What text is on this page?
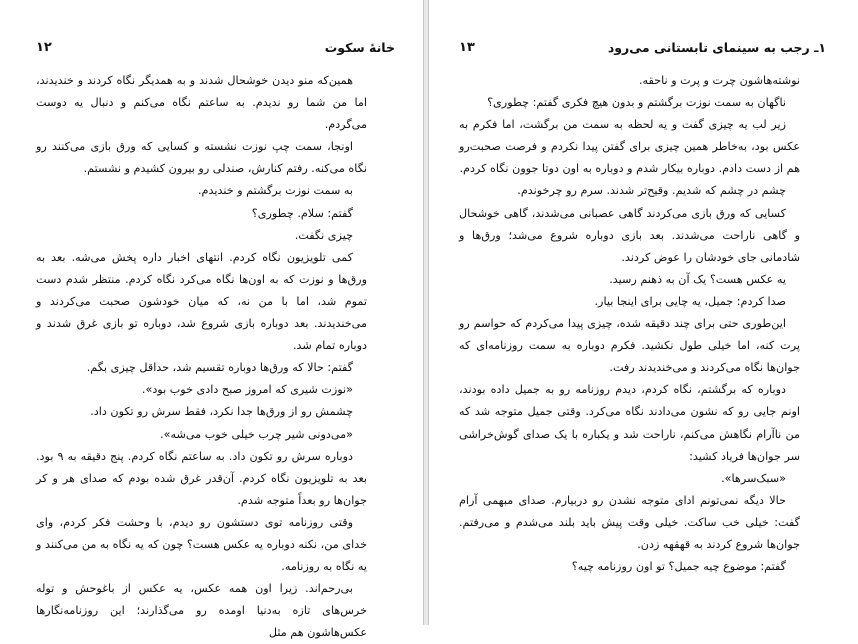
خانهٔ سکوت
۱۲

همین‌که منو دیدن خوشحال شدند و به همدیگر نگاه کردند و خندیدند، اما من شما رو ندیدم. به ساعتم نگاه می‌کنم و دنبال یه دوست می‌گردم.

اونجا، سمت چپ نوزت نشسته و کسایی که ورق بازی می‌کنند رو نگاه می‌کنه. رفتم کنارش، صندلی رو بیرون کشیدم و نشستم.

به سمت نوزت برگشتم و خندیدم.

گفتم: سلام. چطوری؟

چیزی نگفت.

کمی تلویزیون نگاه کردم. انتهای اخبار داره پخش می‌شه. بعد به ورق‌ها و نوزت که به اون‌ها نگاه می‌کرد نگاه کردم. منتظر شدم دست تموم شد، اما با من نه، که میان خودشون صحبت می‌کردند و می‌خندیدند. بعد دوباره بازی شروع شد، دوباره تو بازی غرق شدند و دوباره تمام شد.

گفتم: حالا که ورق‌ها دوباره تقسیم شد، حداقل چیزی بگم.

«نوزت شیری که امروز صبح دادی خوب بود».

چشمش رو از ورق‌ها جدا نکرد، فقط سرش رو تکون داد.

«می‌دونی شیر چرب خیلی خوب می‌شه».

دوباره سرش رو تکون داد. به ساعتم نگاه کردم. پنج دقیقه به ۹ بود. بعد به تلویزیون نگاه کردم. آن‌قدر غرق شده بودم که صدای هر و کر جوان‌ها رو بعداً متوجه شدم.

وقتی روزنامه توی دستشون رو دیدم، با وحشت فکر کردم، وای خدای من، نکنه دوباره یه عکس هست؟ چون که یه نگاه به من می‌کنند و یه نگاه به روزنامه.

بی‌رحم‌اند. زیرا اون همه عکس، یه عکس از باغوحش و توله خرس‌های تازه به‌دنیا اومده رو می‌گذارند؛ این روزنامه‌نگارها عکس‌هاشون هم مثل

۱ـ رجب به سینمای تابستانی می‌رود
۱۳

نوشته‌هاشون چرت و پرت و ناحقه.

ناگهان به سمت نوزت برگشتم و بدون هیچ فکری گفتم: چطوری؟

زیر لب یه چیزی گفت و یه لحظه به سمت من برگشت، اما فکرم به عکس بود، به‌خاطر همین چیزی برای گفتن پیدا نکردم و فرصت صحبت‌رو هم از دست دادم. دوباره بیکار شدم و دوباره به اون دوتا جوون نگاه کردم.

چشم در چشم که شدیم. وقیح‌تر شدند. سرم رو چرخوندم.

کسایی که ورق بازی می‌کردند گاهی عصبانی می‌شدند، گاهی خوشحال و گاهی ناراحت می‌شدند. بعد بازی دوباره شروع می‌شد؛ ورق‌ها و شادمانی جای خودشان را عوض کردند.

یه عکس هست؟ یک آن به ذهنم رسید.

صدا کردم: جمیل، یه چایی برای اینجا بیار.

این‌طوری حتی برای چند دقیقه شده، چیزی پیدا می‌کردم که حواسم رو پرت کنه، اما خیلی طول نکشید. فکرم دوباره به سمت روزنامه‌ای که جوان‌ها نگاه می‌کردند و می‌خندیدند رفت.

دوباره که برگشتم، نگاه کردم، دیدم روزنامه رو به جمیل داده بودند، اونم جایی رو که نشون می‌دادند نگاه می‌کرد. وقتی جمیل متوجه شد که من ناآرام نگاهش می‌کنم، ناراحت شد و یکباره با یک صدای گوش‌خراشی سر جوان‌ها فریاد کشید:

«سبک‌سرها».

حالا دیگه نمی‌تونم ادای متوجه نشدن رو دربیارم. صدای مبهمی آرام گفت: خیلی خب ساکت. خیلی وقت پیش باید بلند می‌شدم و می‌رفتم. جوان‌ها شروع کردند به قهقهه زدن.

گفتم: موضوع چیه جمیل؟ تو اون روزنامه چیه؟
